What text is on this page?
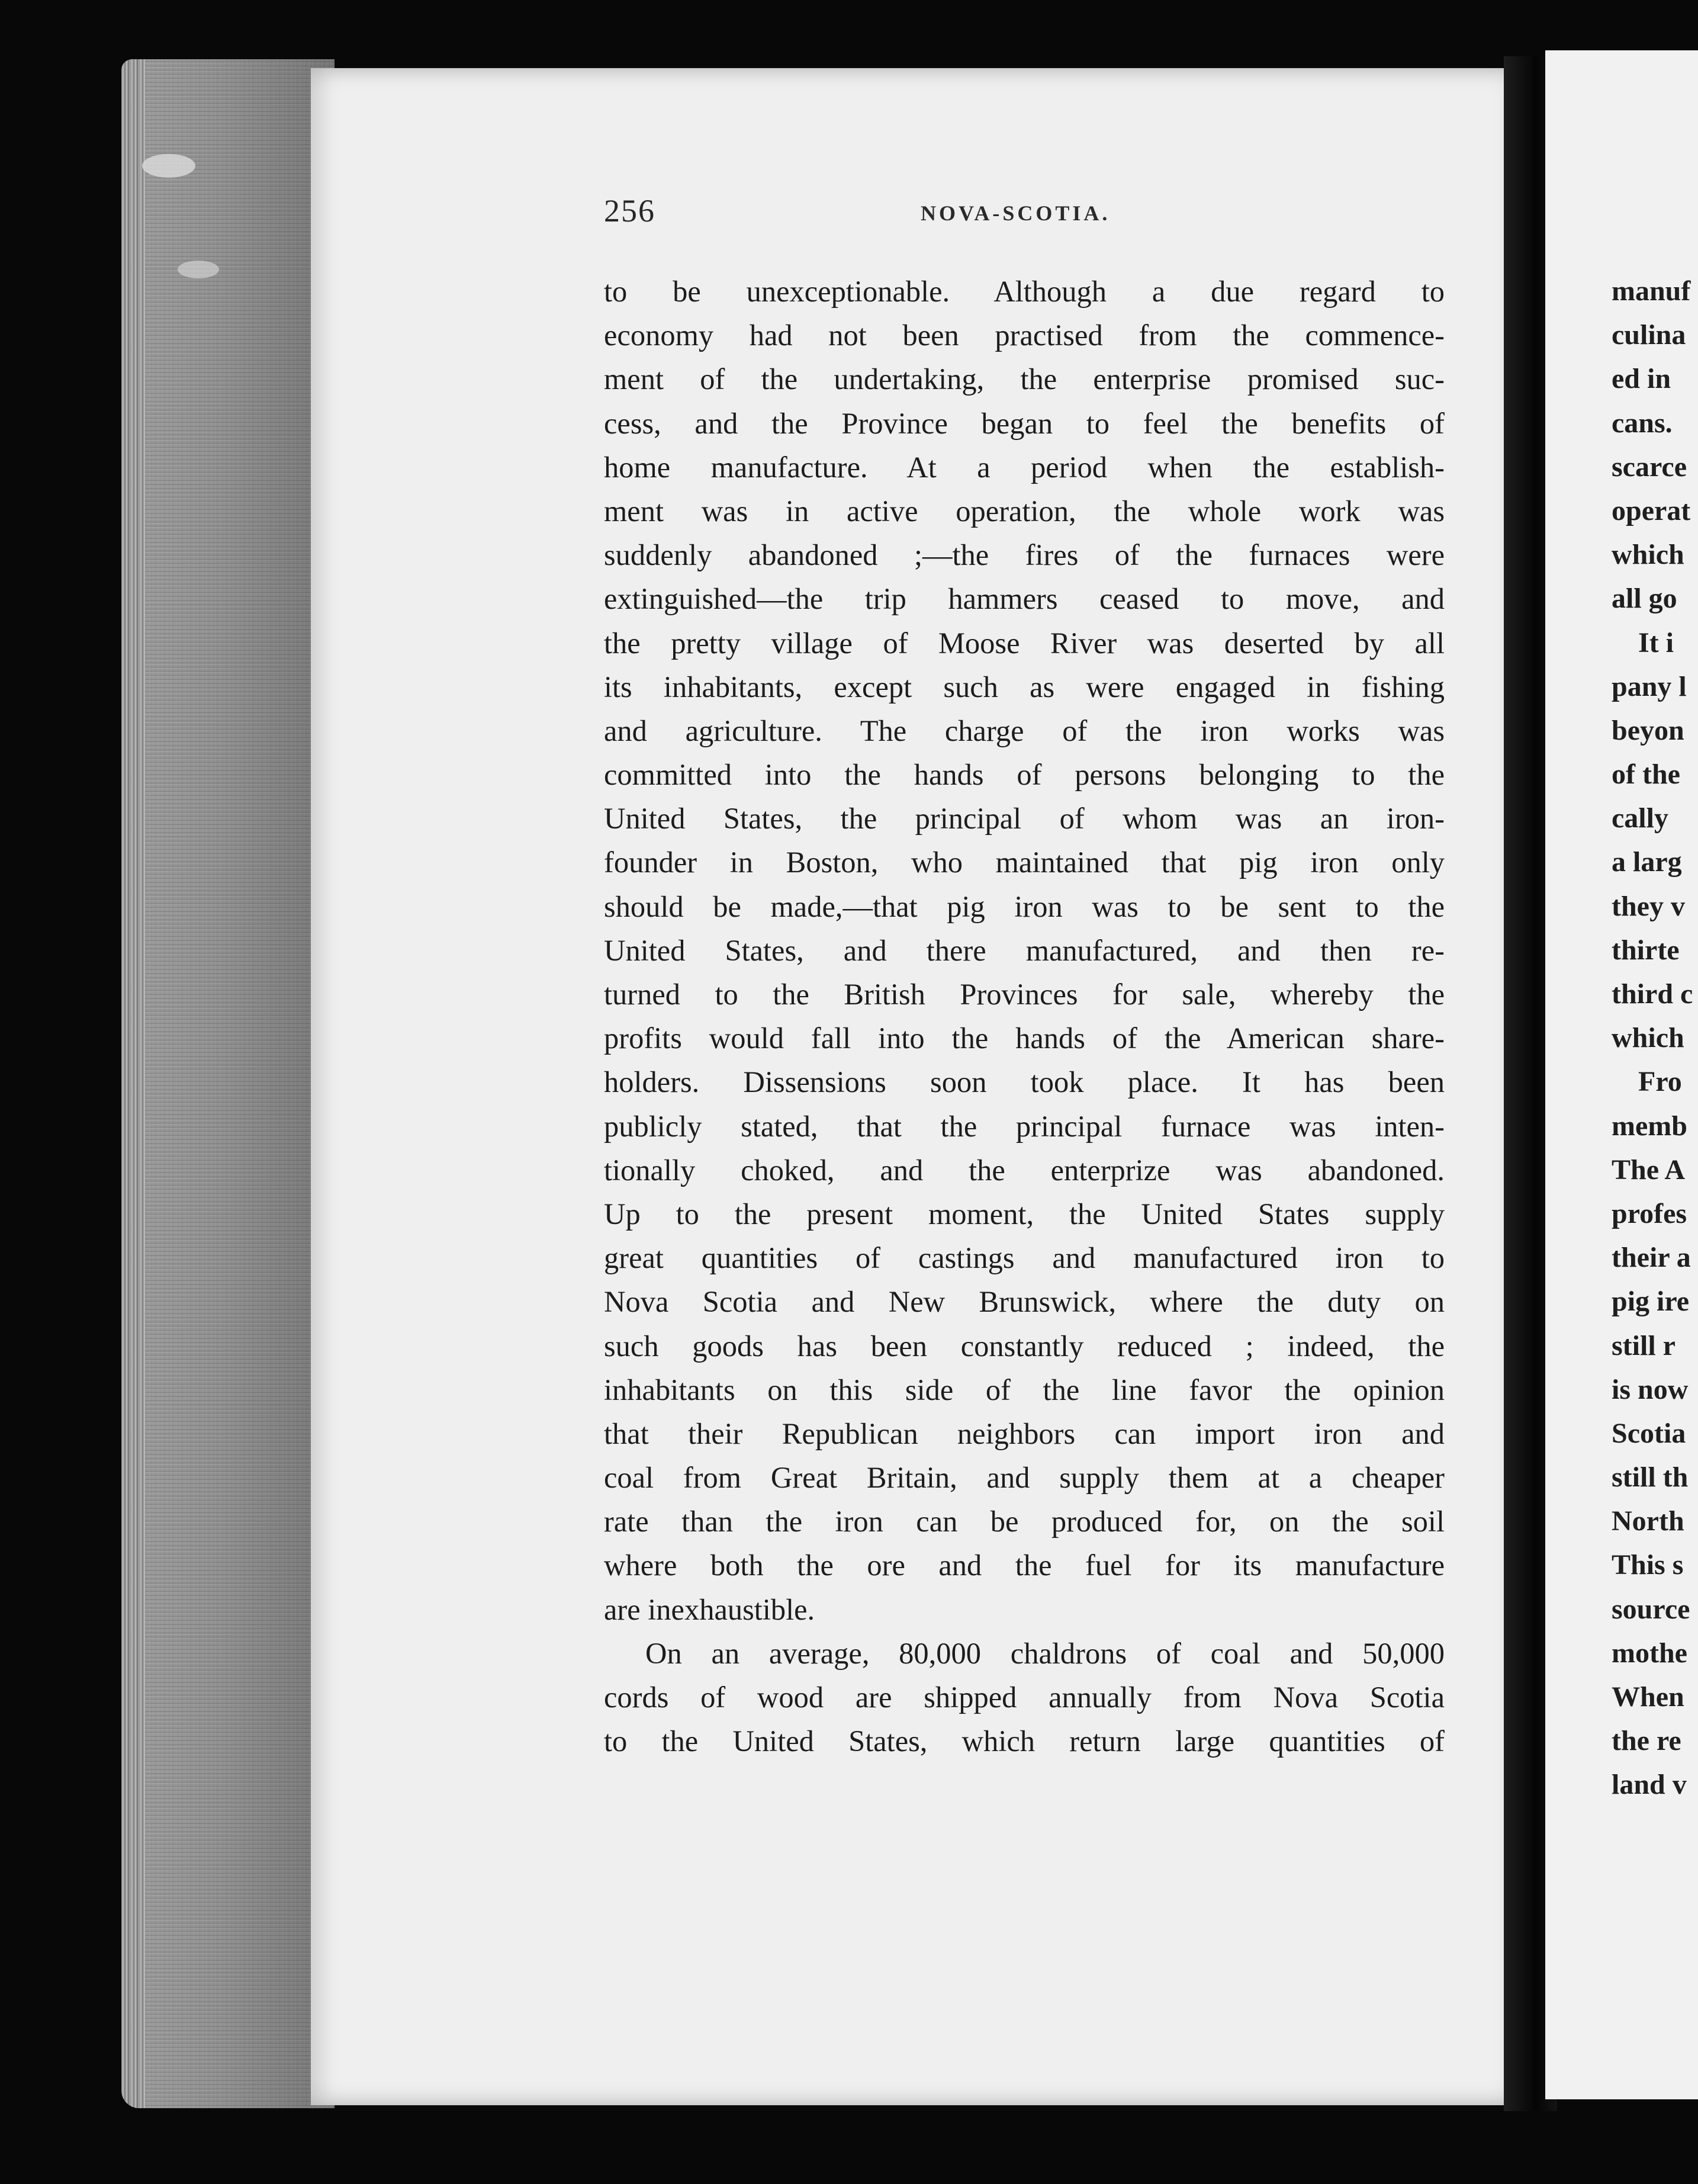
256	NOVA-SCOTIA.
to be unexceptionable. Although a due regard to
economy had not been practised from the commence-
ment of the undertaking, the enterprise promised suc-
cess, and the Province began to feel the benefits of
home manufacture. At a period when the establish-
ment was in active operation, the whole work was
suddenly abandoned ;—the fires of the furnaces were
extinguished—the trip hammers ceased to move, and
the pretty village of Moose River was deserted by all
its inhabitants, except such as were engaged in fishing
and agriculture. The charge of the iron works was
committed into the hands of persons belonging to the
United States, the principal of whom was an iron-
founder in Boston, who maintained that pig iron only
should be made,—that pig iron was to be sent to the
United States, and there manufactured, and then re-
turned to the British Provinces for sale, whereby the
profits would fall into the hands of the American share-
holders. Dissensions soon took place. It has been
publicly stated, that the principal furnace was inten-
tionally choked, and the enterprize was abandoned.
Up to the present moment, the United States supply
great quantities of castings and manufactured iron to
Nova Scotia and New Brunswick, where the duty on
such goods has been constantly reduced ; indeed, the
inhabitants on this side of the line favor the opinion
that their Republican neighbors can import iron and
coal from Great Britain, and supply them at a cheaper
rate than the iron can be produced for, on the soil
where both the ore and the fuel for its manufacture
are inexhaustible.
On an average, 80,000 chaldrons of coal and 50,000
cords of wood are shipped annually from Nova Scotia
to the United States, which return large quantities of
manuf
culina
ed in
cans.
scarce
operat
which
all go
It i
pany l
beyon
of the
cally
a larg
they v
thirte
third c
which
Fro
memb
The A
profes
their a
pig ire
still r
is now
Scotia
still th
North
This s
source
mothe
When
the re
land v
